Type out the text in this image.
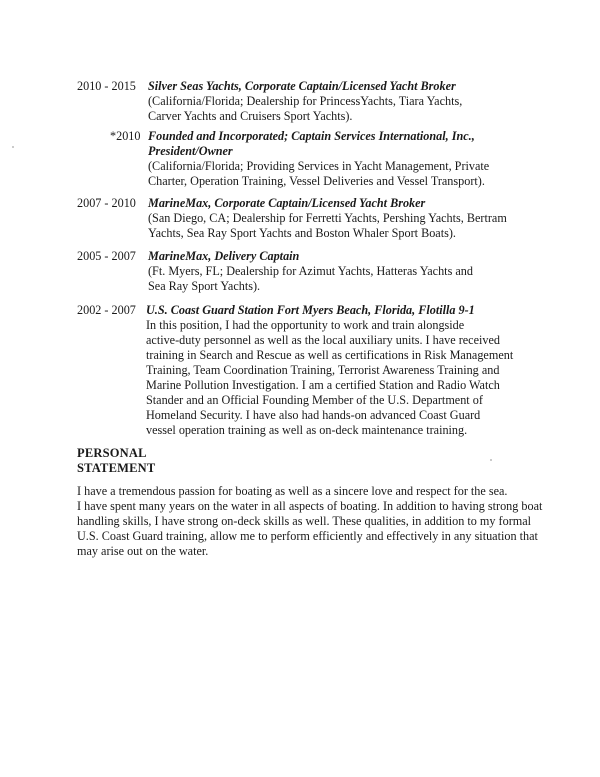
2010 - 2015 Silver Seas Yachts, Corporate Captain/Licensed Yacht Broker
(California/Florida; Dealership for PrincessYachts, Tiara Yachts,
Carver Yachts and Cruisers Sport Yachts).
*2010 Founded and Incorporated; Captain Services International, Inc.,
President/Owner
(California/Florida; Providing Services in Yacht Management, Private
Charter, Operation Training, Vessel Deliveries and Vessel Transport).
2007 - 2010 MarineMax, Corporate Captain/Licensed Yacht Broker
(San Diego, CA; Dealership for Ferretti Yachts, Pershing Yachts, Bertram
Yachts, Sea Ray Sport Yachts and Boston Whaler Sport Boats).
2005 - 2007 MarineMax, Delivery Captain
(Ft. Myers, FL; Dealership for Azimut Yachts, Hatteras Yachts and
Sea Ray Sport Yachts).
2002 - 2007 U.S. Coast Guard Station Fort Myers Beach, Florida, Flotilla 9-1
In this position, I had the opportunity to work and train alongside
active-duty personnel as well as the local auxiliary units. I have received
training in Search and Rescue as well as certifications in Risk Management
Training, Team Coordination Training, Terrorist Awareness Training and
Marine Pollution Investigation. I am a certified Station and Radio Watch
Stander and an Official Founding Member of the U.S. Department of
Homeland Security. I have also had hands-on advanced Coast Guard
vessel operation training as well as on-deck maintenance training.
PERSONAL
STATEMENT
I have a tremendous passion for boating as well as a sincere love and respect for the sea.
I have spent many years on the water in all aspects of boating. In addition to having strong boat
handling skills, I have strong on-deck skills as well. These qualities, in addition to my formal
U.S. Coast Guard training, allow me to perform efficiently and effectively in any situation that
may arise out on the water.
